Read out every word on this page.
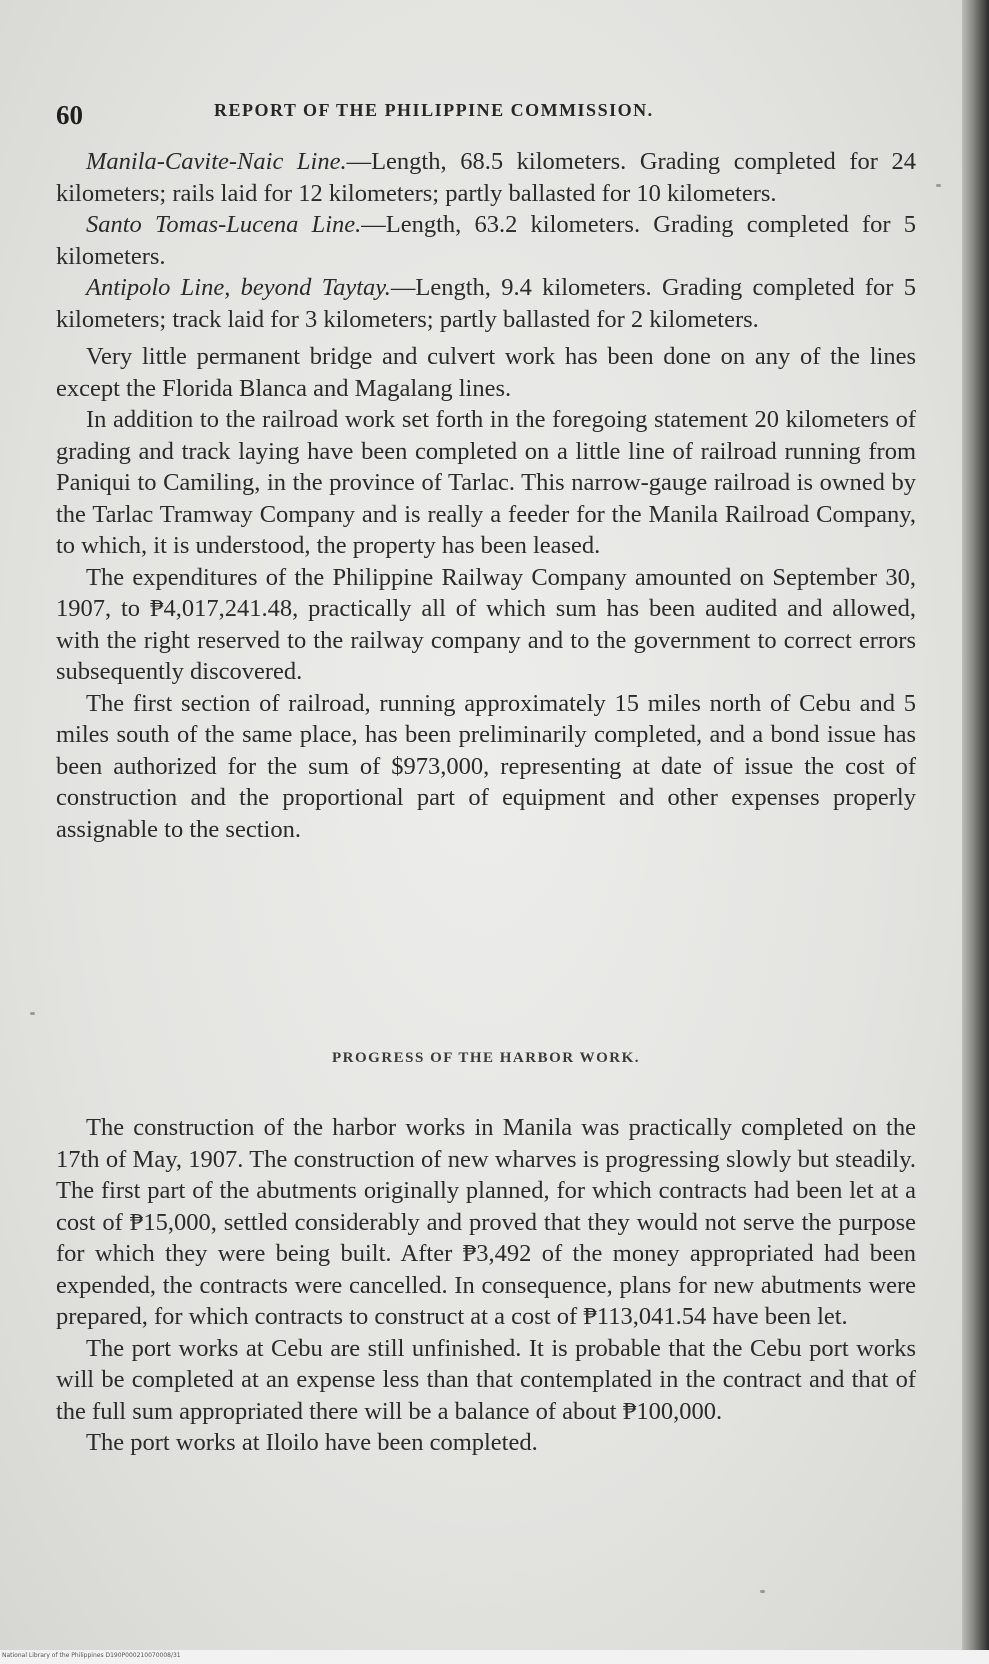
60	REPORT OF THE PHILIPPINE COMMISSION.

Manila-Cavite-Naic Line.—Length, 68.5 kilometers. Grading completed for 24 kilometers; rails laid for 12 kilometers; partly ballasted for 10 kilometers.

Santo Tomas-Lucena Line.—Length, 63.2 kilometers. Grading completed for 5 kilometers.

Antipolo Line, beyond Taytay.—Length, 9.4 kilometers. Grading completed for 5 kilometers; track laid for 3 kilometers; partly ballasted for 2 kilometers.

Very little permanent bridge and culvert work has been done on any of the lines except the Florida Blanca and Magalang lines.

In addition to the railroad work set forth in the foregoing statement 20 kilometers of grading and track laying have been completed on a little line of railroad running from Paniqui to Camiling, in the province of Tarlac. This narrow-gauge railroad is owned by the Tarlac Tramway Company and is really a feeder for the Manila Railroad Company, to which, it is understood, the property has been leased.

The expenditures of the Philippine Railway Company amounted on September 30, 1907, to ₱4,017,241.48, practically all of which sum has been audited and allowed, with the right reserved to the railway company and to the government to correct errors subsequently discovered.

The first section of railroad, running approximately 15 miles north of Cebu and 5 miles south of the same place, has been preliminarily completed, and a bond issue has been authorized for the sum of $973,000, representing at date of issue the cost of construction and the proportional part of equipment and other expenses properly assignable to the section.

PROGRESS OF THE HARBOR WORK.

The construction of the harbor works in Manila was practically completed on the 17th of May, 1907. The construction of new wharves is progressing slowly but steadily. The first part of the abutments originally planned, for which contracts had been let at a cost of ₱15,000, settled considerably and proved that they would not serve the purpose for which they were being built. After ₱3,492 of the money appropriated had been expended, the contracts were cancelled. In consequence, plans for new abutments were prepared, for which contracts to construct at a cost of ₱113,041.54 have been let.

The port works at Cebu are still unfinished. It is probable that the Cebu port works will be completed at an expense less than that contemplated in the contract and that of the full sum appropriated there will be a balance of about ₱100,000.

The port works at Iloilo have been completed.

National Library of the Philippines D190P000210070008/31
